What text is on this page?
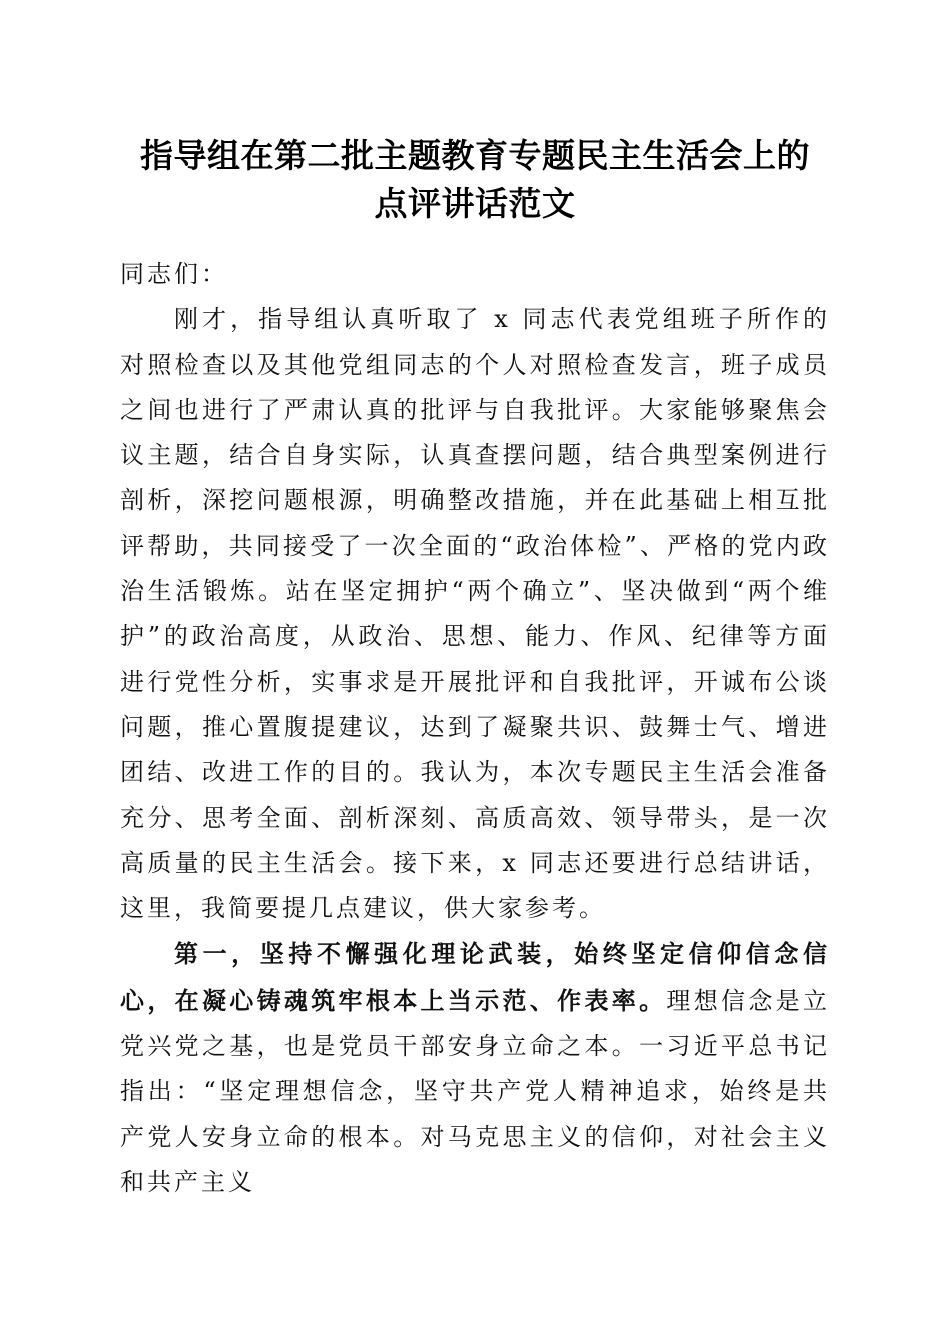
指导组在第二批主题教育专题民主生活会上的
点评讲话范文

同志们：

刚才，指导组认真听取了 x 同志代表党组班子所作的对照检查以及其他党组同志的个人对照检查发言，班子成员之间也进行了严肃认真的批评与自我批评。大家能够聚焦会议主题，结合自身实际，认真查摆问题，结合典型案例进行剖析，深挖问题根源，明确整改措施，并在此基础上相互批评帮助，共同接受了一次全面的“政治体检”、严格的党内政治生活锻炼。站在坚定拥护“两个确立”、坚决做到“两个维护”的政治高度，从政治、思想、能力、作风、纪律等方面进行党性分析，实事求是开展批评和自我批评，开诚布公谈问题，推心置腹提建议，达到了凝聚共识、鼓舞士气、增进团结、改进工作的目的。我认为，本次专题民主生活会准备充分、思考全面、剖析深刻、高质高效、领导带头，是一次高质量的民主生活会。接下来，x 同志还要进行总结讲话，这里，我简要提几点建议，供大家参考。

第一，坚持不懈强化理论武装，始终坚定信仰信念信心，在凝心铸魂筑牢根本上当示范、作表率。理想信念是立党兴党之基，也是党员干部安身立命之本。一习近平总书记指出：“坚定理想信念，坚守共产党人精神追求，始终是共产党人安身立命的根本。对马克思主义的信仰，对社会主义和共产主义
